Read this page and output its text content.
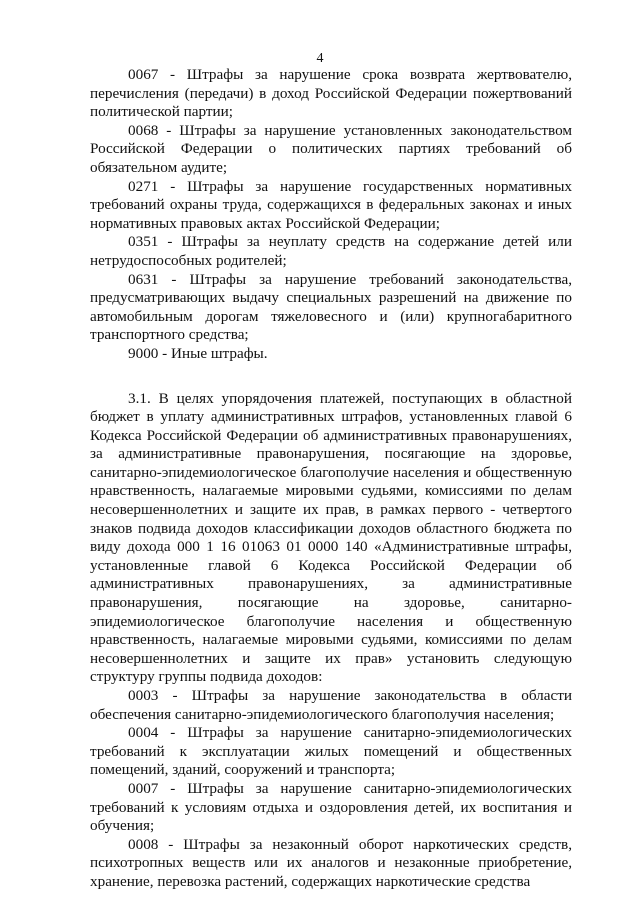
4

0067 - Штрафы за нарушение срока возврата жертвователю, перечисления (передачи) в доход Российской Федерации пожертвований политической партии;

0068 - Штрафы за нарушение установленных законодательством Российской Федерации о политических партиях требований об обязательном аудите;

0271 - Штрафы за нарушение государственных нормативных требований охраны труда, содержащихся в федеральных законах и иных нормативных правовых актах Российской Федерации;

0351 - Штрафы за неуплату средств на содержание детей или нетрудоспособных родителей;

0631 - Штрафы за нарушение требований законодательства, предусматривающих выдачу специальных разрешений на движение по автомобильным дорогам тяжеловесного и (или) крупногабаритного транспортного средства;

9000 - Иные штрафы.

3.1. В целях упорядочения платежей, поступающих в областной бюджет в уплату административных штрафов, установленных главой 6 Кодекса Российской Федерации об административных правонарушениях, за административные правонарушения, посягающие на здоровье, санитарно-эпидемиологическое благополучие населения и общественную нравственность, налагаемые мировыми судьями, комиссиями по делам несовершеннолетних и защите их прав, в рамках первого - четвертого знаков подвида доходов классификации доходов областного бюджета по виду дохода 000 1 16 01063 01 0000 140 «Административные штрафы, установленные главой 6 Кодекса Российской Федерации об административных правонарушениях, за административные правонарушения, посягающие на здоровье, санитарно-эпидемиологическое благополучие населения и общественную нравственность, налагаемые мировыми судьями, комиссиями по делам несовершеннолетних и защите их прав» установить следующую структуру группы подвида доходов:

0003 - Штрафы за нарушение законодательства в области обеспечения санитарно-эпидемиологического благополучия населения;

0004 - Штрафы за нарушение санитарно-эпидемиологических требований к эксплуатации жилых помещений и общественных помещений, зданий, сооружений и транспорта;

0007 - Штрафы за нарушение санитарно-эпидемиологических требований к условиям отдыха и оздоровления детей, их воспитания и обучения;

0008 - Штрафы за незаконный оборот наркотических средств, психотропных веществ или их аналогов и незаконные приобретение, хранение, перевозка растений, содержащих наркотические средства
